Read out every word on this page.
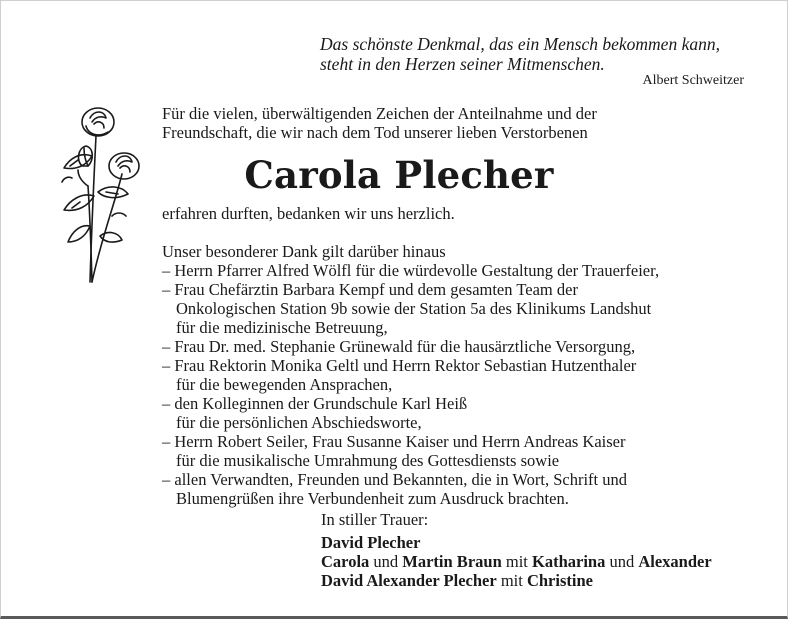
Das schönste Denkmal, das ein Mensch bekommen kann,
steht in den Herzen seiner Mitmenschen.
Albert Schweitzer
Für die vielen, überwältigenden Zeichen der Anteilnahme und der
Freundschaft, die wir nach dem Tod unserer lieben Verstorbenen
Carola Plecher
erfahren durften, bedanken wir uns herzlich.
Unser besonderer Dank gilt darüber hinaus
– Herrn Pfarrer Alfred Wölfl für die würdevolle Gestaltung der Trauerfeier,
– Frau Chefärztin Barbara Kempf und dem gesamten Team der
Onkologischen Station 9b sowie der Station 5a des Klinikums Landshut
für die medizinische Betreuung,
– Frau Dr. med. Stephanie Grünewald für die hausärztliche Versorgung,
– Frau Rektorin Monika Geltl und Herrn Rektor Sebastian Hutzenthaler
für die bewegenden Ansprachen,
– den Kolleginnen der Grundschule Karl Heiß
für die persönlichen Abschiedsworte,
– Herrn Robert Seiler, Frau Susanne Kaiser und Herrn Andreas Kaiser
für die musikalische Umrahmung des Gottesdiensts sowie
– allen Verwandten, Freunden und Bekannten, die in Wort, Schrift und
Blumengrüßen ihre Verbundenheit zum Ausdruck brachten.
In stiller Trauer:
David Plecher
Carola und Martin Braun mit Katharina und Alexander
David Alexander Plecher mit Christine
